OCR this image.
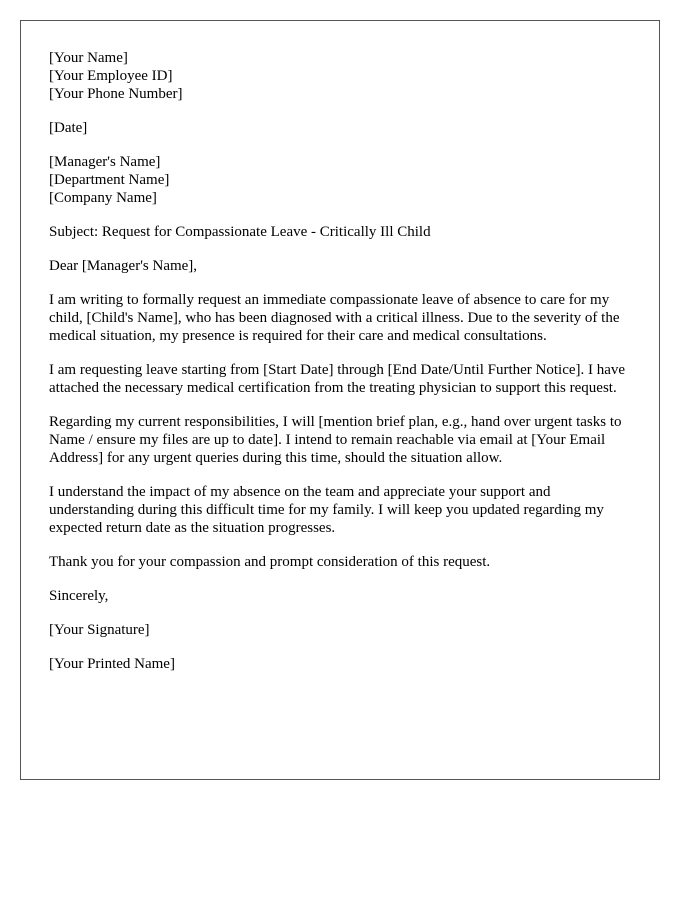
[Your Name]
[Your Employee ID]
[Your Phone Number]
[Date]
[Manager's Name]
[Department Name]
[Company Name]

Subject: Request for Compassionate Leave - Critically Ill Child

Dear [Manager's Name],

I am writing to formally request an immediate compassionate leave of absence to care for my child, [Child's Name], who has been diagnosed with a critical illness. Due to the severity of the medical situation, my presence is required for their care and medical consultations.

I am requesting leave starting from [Start Date] through [End Date/Until Further Notice]. I have attached the necessary medical certification from the treating physician to support this request.

Regarding my current responsibilities, I will [mention brief plan, e.g., hand over urgent tasks to Name / ensure my files are up to date]. I intend to remain reachable via email at [Your Email Address] for any urgent queries during this time, should the situation allow.

I understand the impact of my absence on the team and appreciate your support and understanding during this difficult time for my family. I will keep you updated regarding my expected return date as the situation progresses.

Thank you for your compassion and prompt consideration of this request.

Sincerely,

[Your Signature]

[Your Printed Name]
